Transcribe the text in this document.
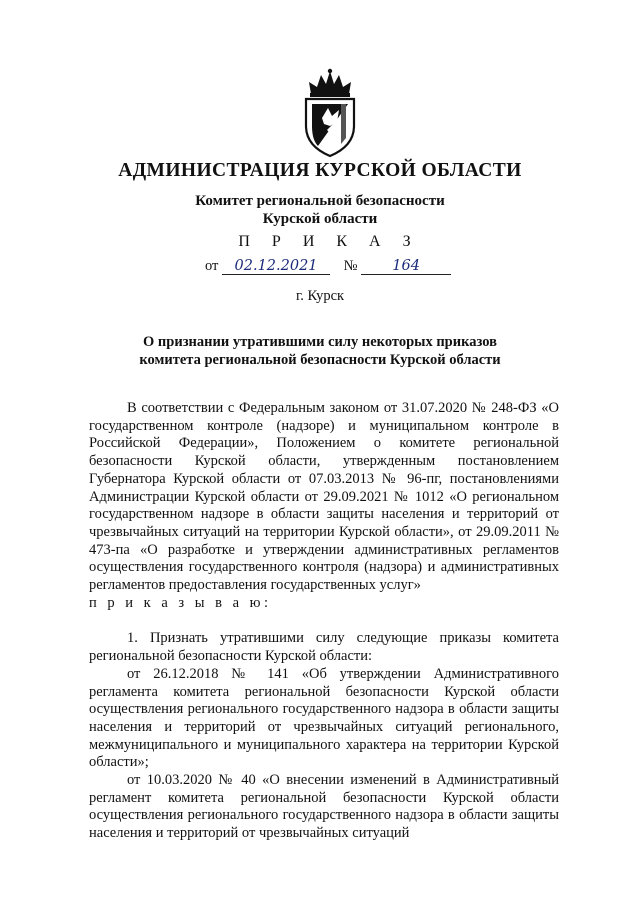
АДМИНИСТРАЦИЯ КУРСКОЙ ОБЛАСТИ
Комитет региональной безопасности
Курской области
П Р И К А З
от 02.12.2021 № 164
г. Курск
О признании утратившими силу некоторых приказов
комитета региональной безопасности Курской области

В соответствии с Федеральным законом от 31.07.2020 № 248-ФЗ «О государственном контроле (надзоре) и муниципальном контроле в Российской Федерации», Положением о комитете региональной безопасности Курской области, утвержденным постановлением Губернатора Курской области от 07.03.2013 № 96-пг, постановлениями Администрации Курской области от 29.09.2021 № 1012 «О региональном государственном надзоре в области защиты населения и территорий от чрезвычайных ситуаций на территории Курской области», от 29.09.2011 № 473-па «О разработке и утверждении административных регламентов осуществления государственного контроля (надзора) и административных регламентов предоставления государственных услуг»

п р и к а з ы в а ю:

1. Признать утратившими силу следующие приказы комитета региональной безопасности Курской области:

от 26.12.2018 № 141 «Об утверждении Административного регламента комитета региональной безопасности Курской области осуществления регионального государственного надзора в области защиты населения и территорий от чрезвычайных ситуаций регионального, межмуниципального и муниципального характера на территории Курской области»;

от 10.03.2020 № 40 «О внесении изменений в Административный регламент комитета региональной безопасности Курской области осуществления регионального государственного надзора в области защиты населения и территорий от чрезвычайных ситуаций
